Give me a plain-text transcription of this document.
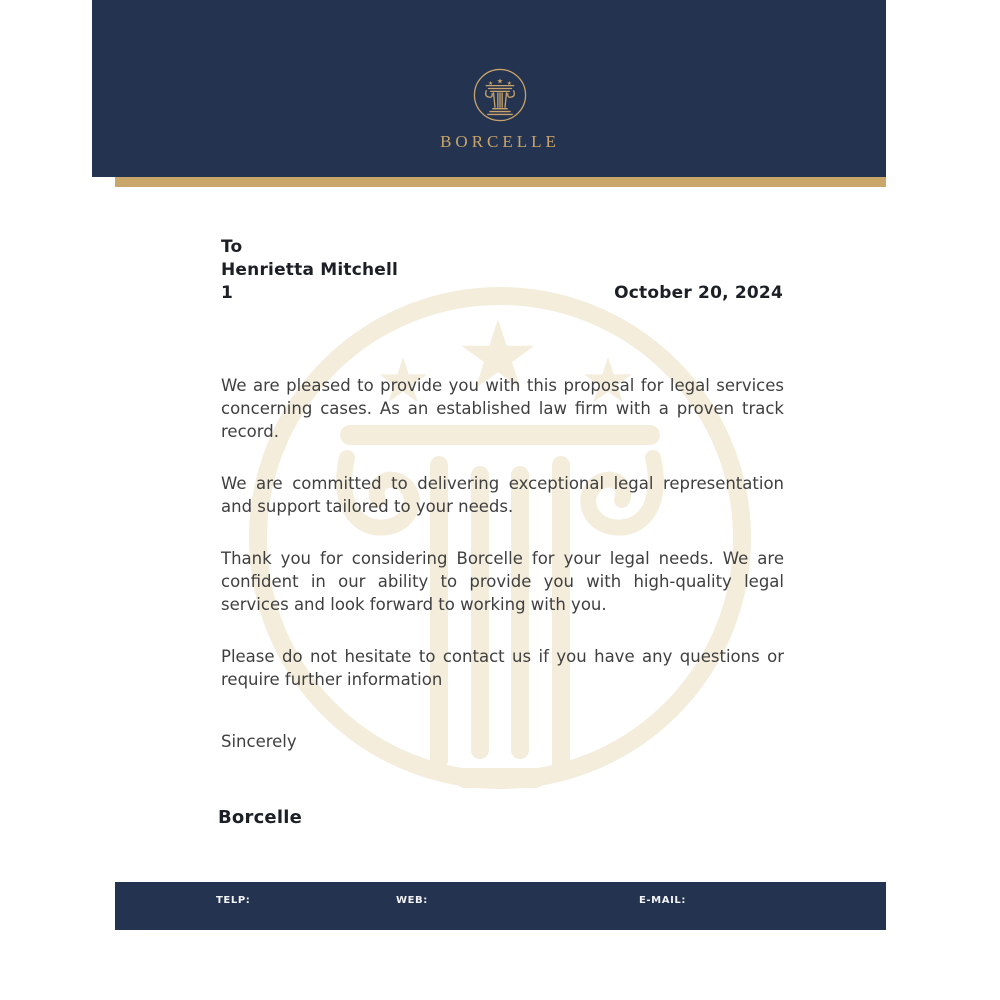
★
★ ★
BORCELLE
★
★ ★
To
Henrietta Mitchell
1	October 20, 2024

We are pleased to provide you with this proposal for legal services concerning cases. As an established law firm with a proven track record.

We are committed to delivering exceptional legal representation and support tailored to your needs.

Thank you for considering Borcelle for your legal needs. We are confident in our ability to provide you with high-quality legal services and look forward to working with you.

Please do not hesitate to contact us if you have any questions or require further information

Sincerely
Borcelle
TELP:	WEB:	E-MAIL:
